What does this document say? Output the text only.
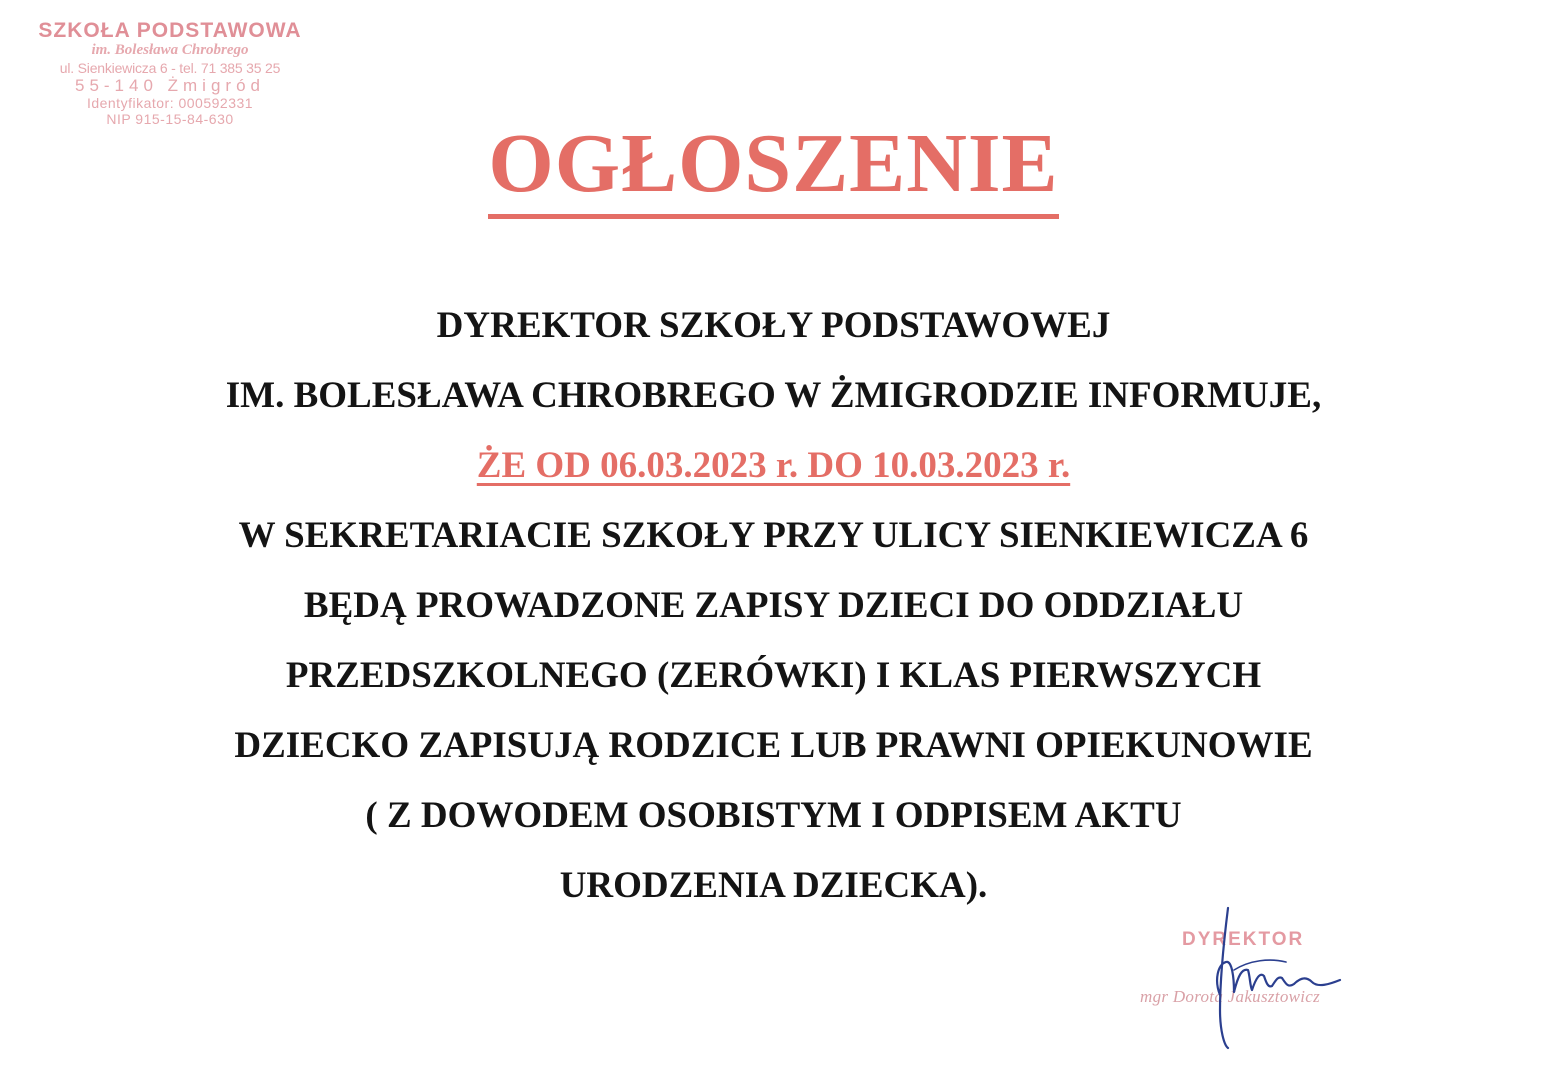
SZKOŁA PODSTAWOWA
im. Bolesława Chrobrego
ul. Sienkiewicza 6 - tel. 71 385 35 25
55-140 Żmigród
Identyfikator: 000592331
NIP 915-15-84-630	OGŁOSZENIE
DYREKTOR SZKOŁY PODSTAWOWEJ
IM. BOLESŁAWA CHROBREGO W ŻMIGRODZIE INFORMUJE,
ŻE OD 06.03.2023 r. DO 10.03.2023 r.
W SEKRETARIACIE SZKOŁY PRZY ULICY SIENKIEWICZA 6
BĘDĄ PROWADZONE ZAPISY DZIECI DO ODDZIAŁU
PRZEDSZKOLNEGO (ZERÓWKI) I KLAS PIERWSZYCH
DZIECKO ZAPISUJĄ RODZICE LUB PRAWNI OPIEKUNOWIE
( Z DOWODEM OSOBISTYM I ODPISEM AKTU
URODZENIA DZIECKA).
DYREKTOR
mgr Dorota Jakusztowicz
